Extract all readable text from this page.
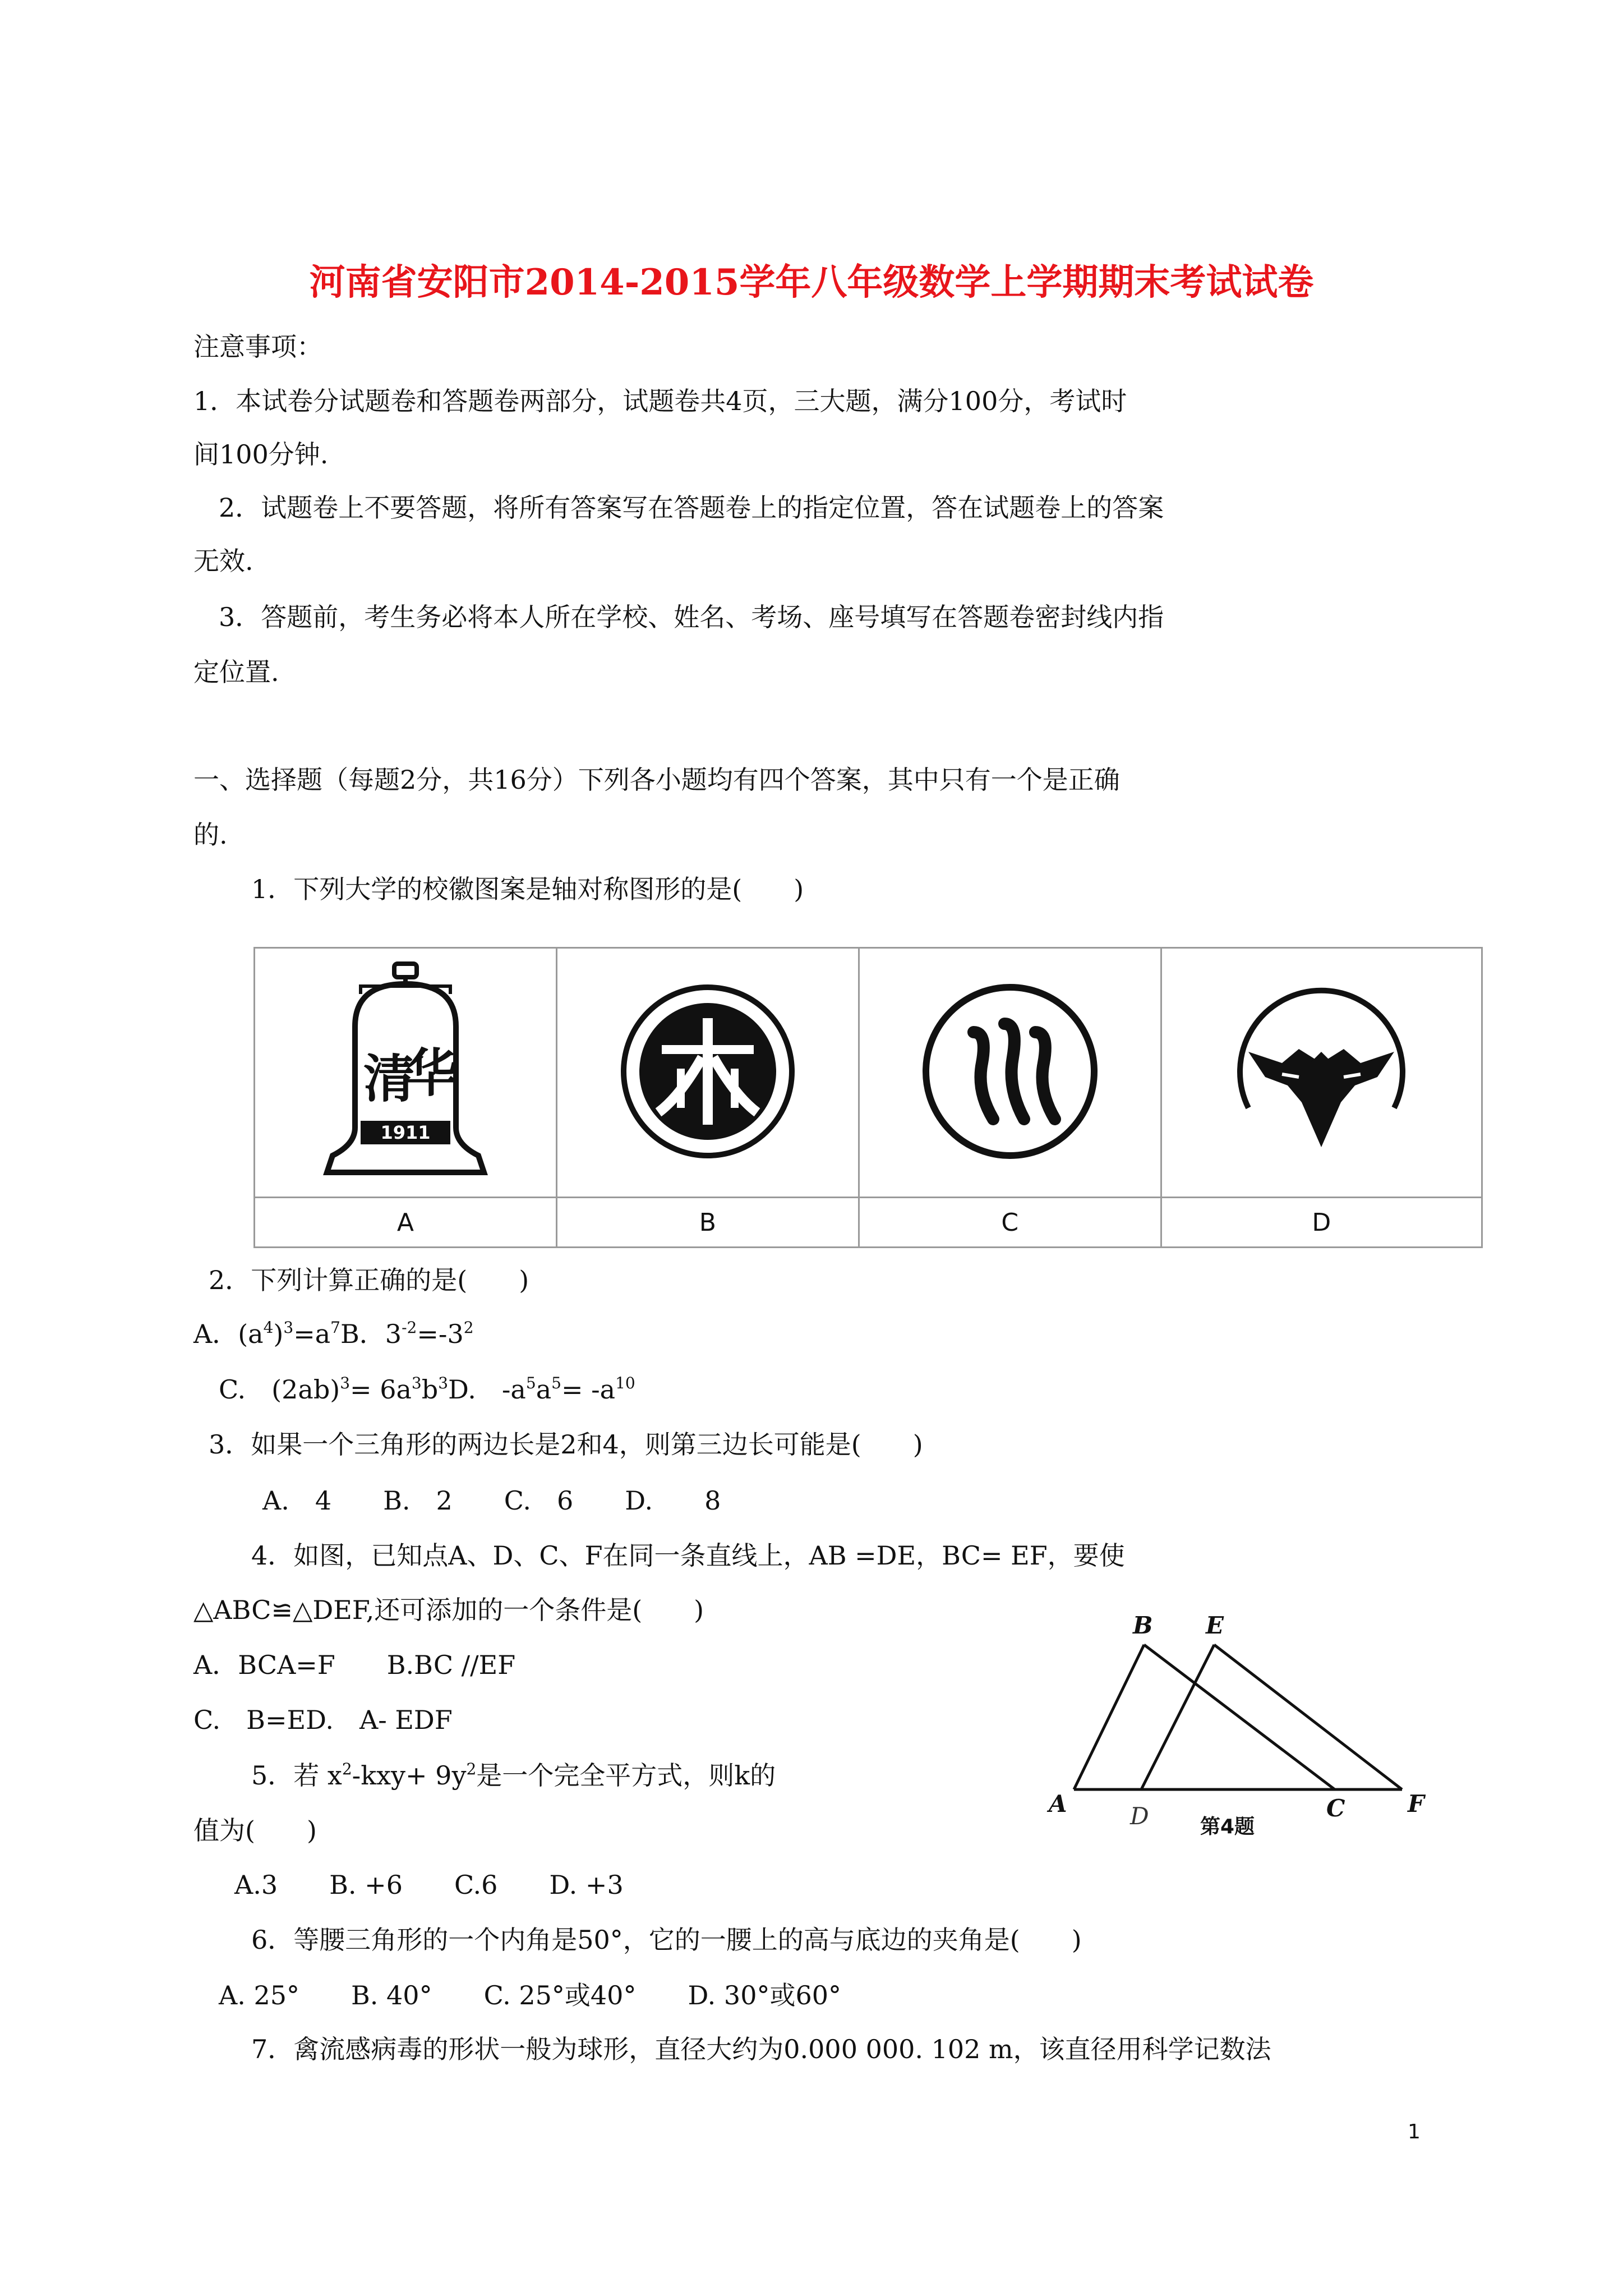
河南省安阳市2014-2015学年八年级数学上学期期末考试试卷
注意事项：
1．本试卷分试题卷和答题卷两部分，试题卷共4页，三大题，满分100分，考试时
间100分钟.
2．试题卷上不要答题，将所有答案写在答题卷上的指定位置，答在试题卷上的答案
无效.
3．答题前，考生务必将本人所在学校、姓名、考场、座号填写在答题卷密封线内指
定位置.
一、选择题（每题2分，共16分）下列各小题均有四个答案，其中只有一个是正确
的.
1．下列大学的校徽图案是轴对称图形的是(　　)
清
华
1911

A	B	C	D
2．下列计算正确的是(　　)
A．$(a^4)^3=a^7B$．$3^{-2}=-3^2$
C.　$(2ab)^3= 6a^3b^3D$.　$-a^5a^5= -a^{10}$
3．如果一个三角形的两边长是2和4，则第三边长可能是(　　)
A.　4　　B.　2　　C.　6　　D.　　8
4．如图，已知点A、D、C、F在同一条直线上，AB =DE，BC= EF，要使
△ABC≌△DEF,还可添加的一个条件是(　　)
A．BCA=F　　B.BC //EF
C.　B=ED.　A- EDF
A
B
C
D
E
F
第4题
5．若 $x^2-kxy+ 9y^2$是一个完全平方式，则k的
值为(　　)
A.3　　B. +6　　C.6　　D. +3
6．等腰三角形的一个内角是50°，它的一腰上的高与底边的夹角是(　　)
A. 25°　　B. 40°　　C. 25°或40°　　D. 30°或60°
7．禽流感病毒的形状一般为球形，直径大约为0.000 000. 102 m，该直径用科学记数法
1
